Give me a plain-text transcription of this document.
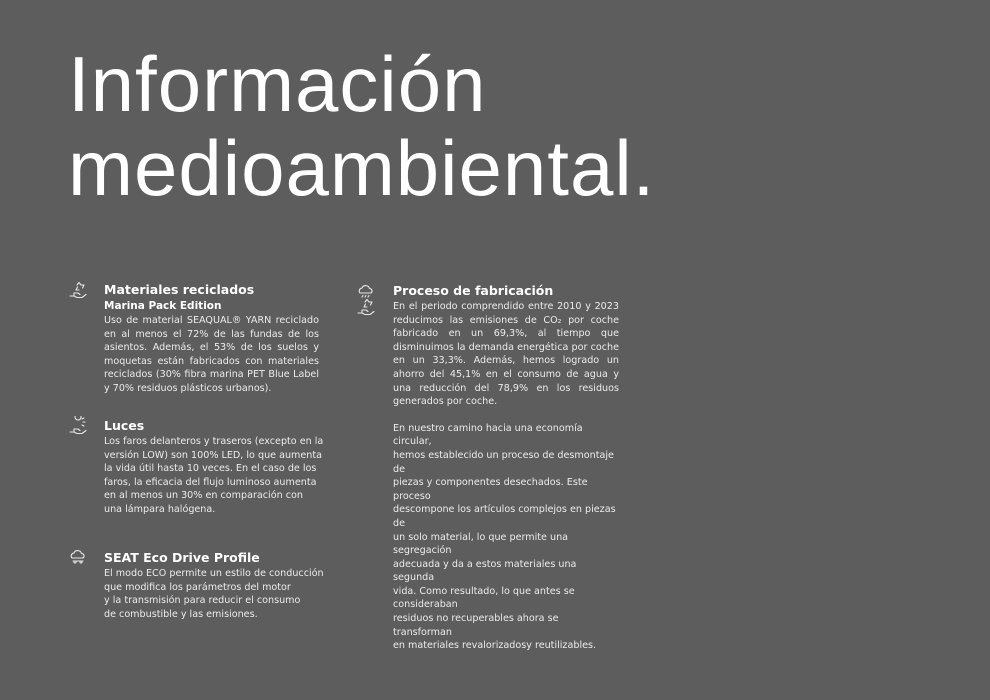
Información
medioambiental.
Materiales reciclados
Marina Pack Edition

Uso de material SEAQUAL® YARN reciclado en al menos el 72% de las fundas de los asientos. Además, el 53% de los suelos y moquetas están fabricados con materiales reciclados (30% fibra marina PET Blue Label y 70% residuos plásticos urbanos).

Luces

Los faros delanteros y traseros (excepto en la
versión LOW) son 100% LED, lo que aumenta
la vida útil hasta 10 veces. En el caso de los
faros, la eficacia del flujo luminoso aumenta
en al menos un 30% en comparación con
una lámpara halógena.

SEAT Eco Drive Profile

El modo ECO permite un estilo de conducción
que modifica los parámetros del motor
y la transmisión para reducir el consumo
de combustible y las emisiones.

Proceso de fabricación

En el periodo comprendido entre 2010 y 2023 reducimos las emisiones de CO₂ por coche fabricado en un 69,3%, al tiempo que disminuimos la demanda energética por coche en un 33,3%. Además, hemos logrado un ahorro del 45,1% en el consumo de agua y una reducción del 78,9% en los residuos generados por coche.

En nuestro camino hacia una economía circular,
hemos establecido un proceso de desmontaje de
piezas y componentes desechados. Este proceso
descompone los artículos complejos en piezas de
un solo material, lo que permite una segregación
adecuada y da a estos materiales una segunda
vida. Como resultado, lo que antes se consideraban
residuos no recuperables ahora se transforman
en materiales revalorizadosy reutilizables.
